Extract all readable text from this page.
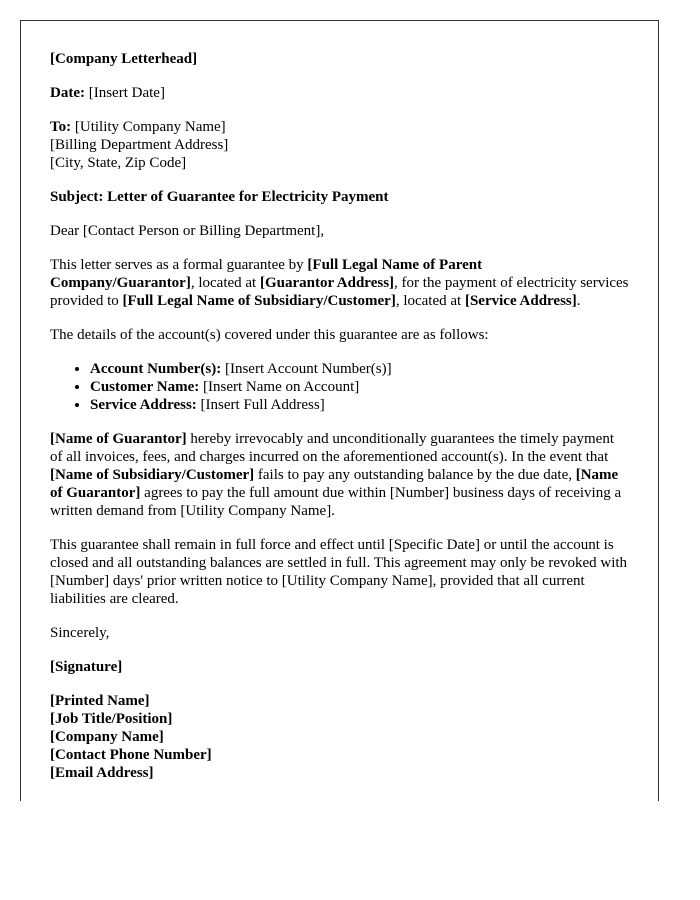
[Company Letterhead]

Date: [Insert Date]

To: [Utility Company Name]
[Billing Department Address]
[City, State, Zip Code]

Subject: Letter of Guarantee for Electricity Payment

Dear [Contact Person or Billing Department],

This letter serves as a formal guarantee by [Full Legal Name of Parent Company/Guarantor], located at [Guarantor Address], for the payment of electricity services provided to [Full Legal Name of Subsidiary/Customer], located at [Service Address].

The details of the account(s) covered under this guarantee are as follows:

• Account Number(s): [Insert Account Number(s)]
• Customer Name: [Insert Name on Account]
• Service Address: [Insert Full Address]

[Name of Guarantor] hereby irrevocably and unconditionally guarantees the timely payment of all invoices, fees, and charges incurred on the aforementioned account(s). In the event that [Name of Subsidiary/Customer] fails to pay any outstanding balance by the due date, [Name of Guarantor] agrees to pay the full amount due within [Number] business days of receiving a written demand from [Utility Company Name].

This guarantee shall remain in full force and effect until [Specific Date] or until the account is closed and all outstanding balances are settled in full. This agreement may only be revoked with [Number] days' prior written notice to [Utility Company Name], provided that all current liabilities are cleared.

Sincerely,

[Signature]

[Printed Name]
[Job Title/Position]
[Company Name]
[Contact Phone Number]
[Email Address]
